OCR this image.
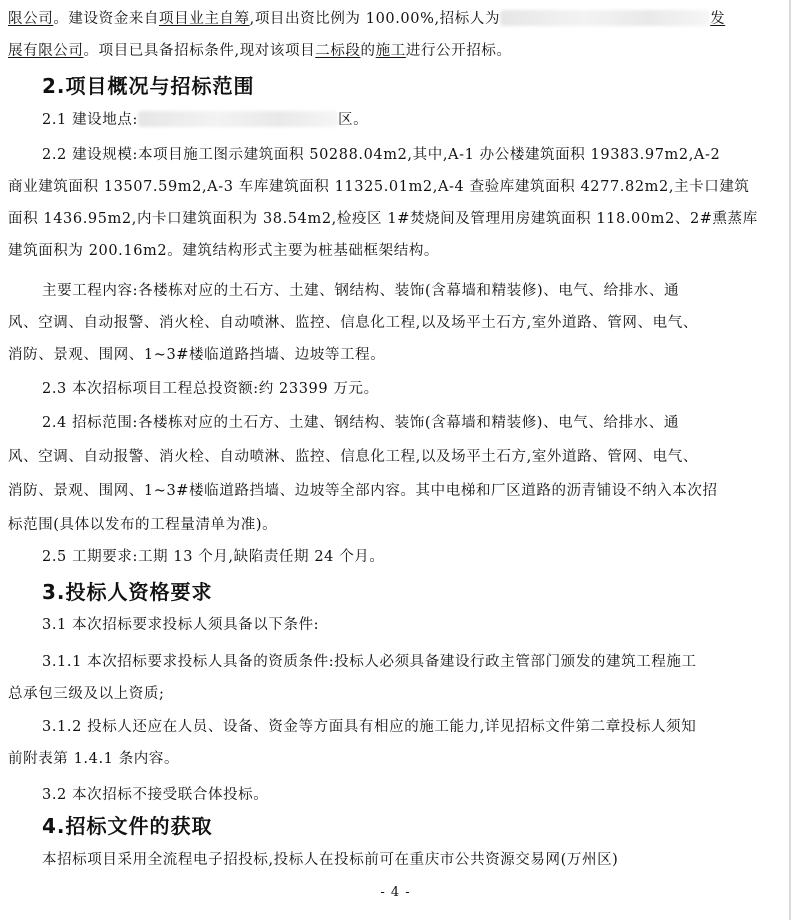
限公司。建设资金来自项目业主自筹,项目出资比例为 100.00%,招标人为	发
展有限公司。项目已具备招标条件,现对该项目二标段的施工进行公开招标。
2.项目概况与招标范围
2.1 建设地点:	区。
2.2 建设规模:本项目施工图示建筑面积 50288.04m2,其中,A-1 办公楼建筑面积 19383.97m2,A-2
商业建筑面积 13507.59m2,A-3 车库建筑面积 11325.01m2,A-4 查验库建筑面积 4277.82m2,主卡口建筑
面积 1436.95m2,内卡口建筑面积为 38.54m2,检疫区 1#焚烧间及管理用房建筑面积 118.00m2、2#熏蒸库
建筑面积为 200.16m2。建筑结构形式主要为桩基础框架结构。
主要工程内容:各楼栋对应的土石方、土建、钢结构、装饰(含幕墙和精装修)、电气、给排水、通
风、空调、自动报警、消火栓、自动喷淋、监控、信息化工程,以及场平土石方,室外道路、管网、电气、
消防、景观、围网、1~3#楼临道路挡墙、边坡等工程。
2.3 本次招标项目工程总投资额:约 23399 万元。
2.4 招标范围:各楼栋对应的土石方、土建、钢结构、装饰(含幕墙和精装修)、电气、给排水、通
风、空调、自动报警、消火栓、自动喷淋、监控、信息化工程,以及场平土石方,室外道路、管网、电气、
消防、景观、围网、1~3#楼临道路挡墙、边坡等全部内容。其中电梯和厂区道路的沥青铺设不纳入本次招
标范围(具体以发布的工程量清单为准)。
2.5 工期要求:工期 13 个月,缺陷责任期 24 个月。
3.投标人资格要求
3.1 本次招标要求投标人须具备以下条件:
3.1.1 本次招标要求投标人具备的资质条件:投标人必须具备建设行政主管部门颁发的建筑工程施工
总承包三级及以上资质;
3.1.2 投标人还应在人员、设备、资金等方面具有相应的施工能力,详见招标文件第二章投标人须知
前附表第 1.4.1 条内容。
3.2 本次招标不接受联合体投标。
4.招标文件的获取
本招标项目采用全流程电子招投标,投标人在投标前可在重庆市公共资源交易网(万州区)
- 4 -
